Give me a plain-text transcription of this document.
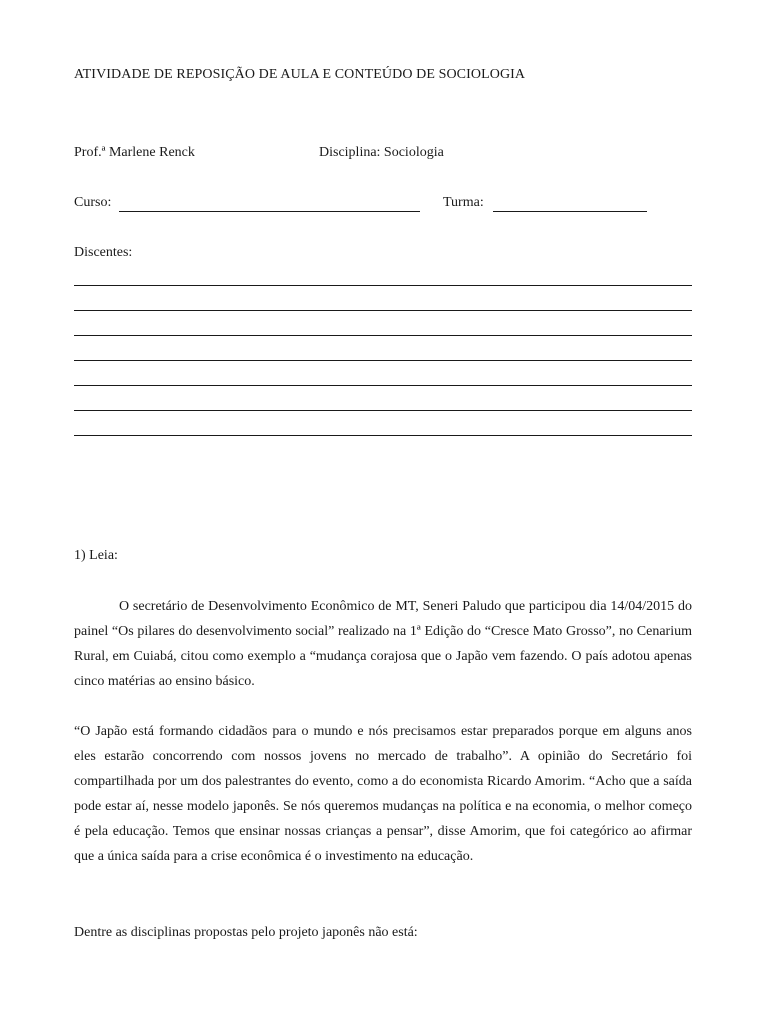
ATIVIDADE DE REPOSIÇÃO DE AULA E CONTEÚDO DE SOCIOLOGIA
Prof.ª Marlene Renck	Disciplina: Sociologia
Curso:	Turma:
Discentes:
1) Leia:
O secretário de Desenvolvimento Econômico de MT, Seneri Paludo que participou dia 14/04/2015 do painel “Os pilares do desenvolvimento social” realizado na 1ª Edição do “Cresce Mato Grosso”, no Cenarium Rural, em Cuiabá, citou como exemplo a “mudança corajosa que o Japão vem fazendo. O país adotou apenas cinco matérias ao ensino básico.
“O Japão está formando cidadãos para o mundo e nós precisamos estar preparados porque em alguns anos eles estarão concorrendo com nossos jovens no mercado de trabalho”. A opinião do Secretário foi compartilhada por um dos palestrantes do evento, como a do economista Ricardo Amorim. “Acho que a saída pode estar aí, nesse modelo japonês. Se nós queremos mudanças na política e na economia, o melhor começo é pela educação. Temos que ensinar nossas crianças a pensar”, disse Amorim, que foi categórico ao afirmar que a única saída para a crise econômica é o investimento na educação.
Dentre as disciplinas propostas pelo projeto japonês não está:
